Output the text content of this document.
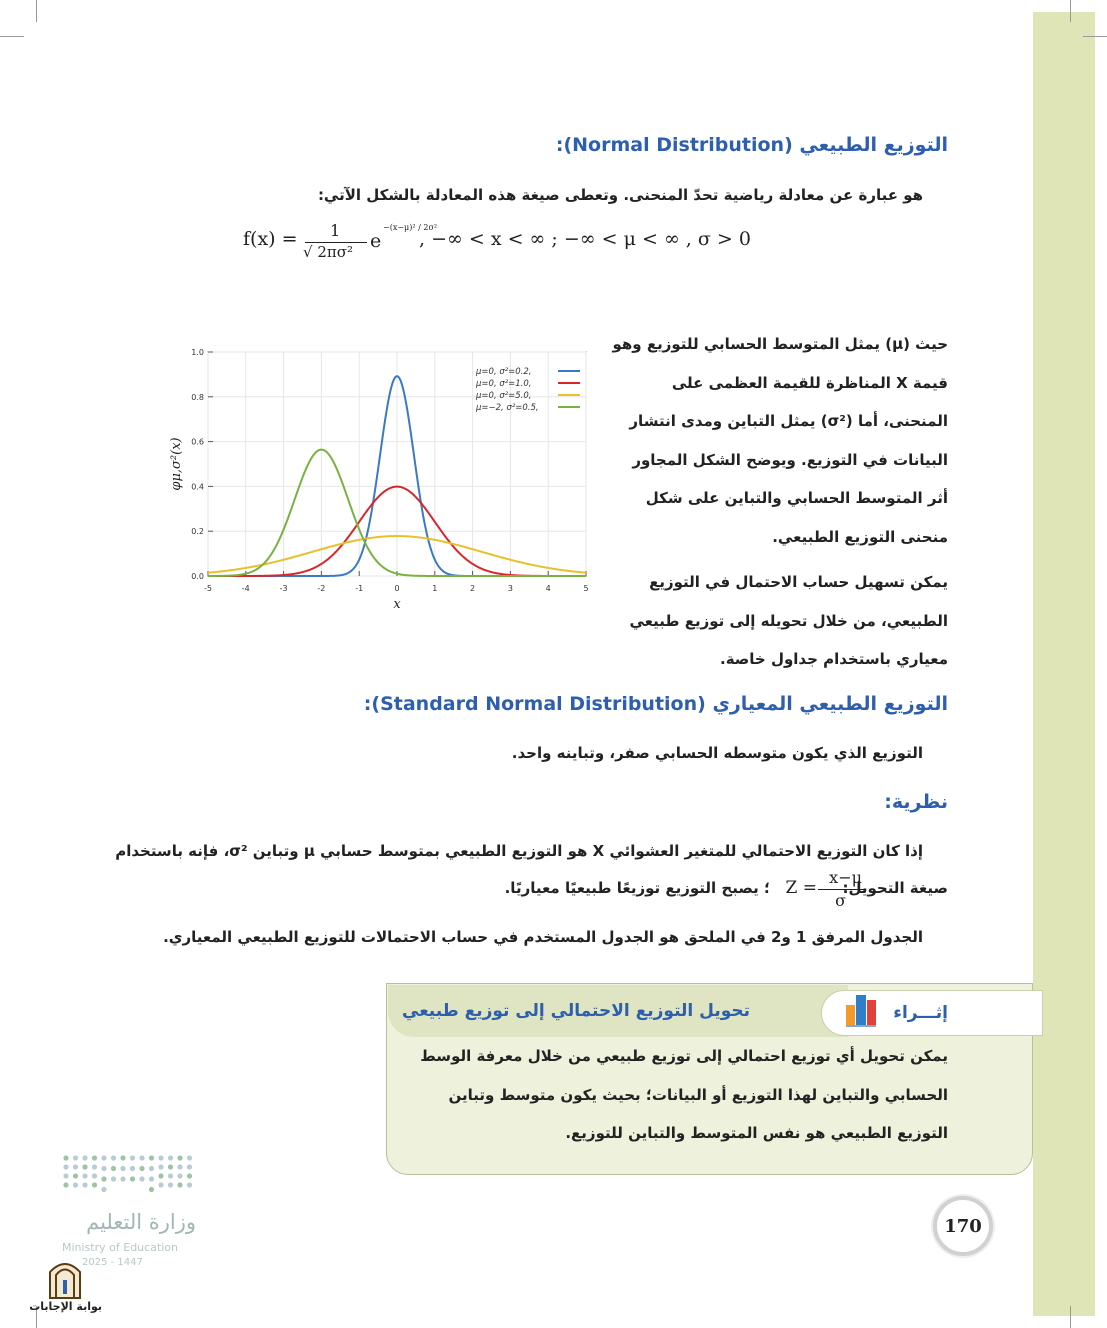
التوزيع الطبيعي (Normal Distribution):
هو عبارة عن معادلة رياضية تحدّ المنحنى. وتعطى صيغة هذه المعادلة بالشكل الآتي:
f(x) = 1
√ 2πσ² e
−(x−μ)² / 2σ²
, −∞ < x < ∞ ; −∞ < μ < ∞ , σ > 0
-5	-4	-3	-2	-1	0	1	2	3	4	5
0.0
0.2
0.4
0.6
0.8
1.0
x
φμ,σ²(x)
μ=0, σ²=0.2,
μ=0, σ²=1.0,
μ=0, σ²=5.0,
μ=−2, σ²=0.5,
حيث (μ) يمثل المتوسط الحسابي للتوزيع وهو قيمة X المناظرة للقيمة العظمى على المنحنى، أما (σ²) يمثل التباين ومدى انتشار البيانات في التوزيع. ويوضح الشكل المجاور أثر المتوسط الحسابي والتباين على شكل منحنى التوزيع الطبيعي.
يمكن تسهيل حساب الاحتمال في التوزيع الطبيعي، من خلال تحويله إلى توزيع طبيعي معياري باستخدام جداول خاصة.
التوزيع الطبيعي المعياري (Standard Normal Distribution):
التوزيع الذي يكون متوسطه الحسابي صفر، وتباينه واحد.
نظرية:
إذا كان التوزيع الاحتمالي للمتغير العشوائي X هو التوزيع الطبيعي بمتوسط حسابي μ وتباين σ²، فإنه باستخدام
صيغة التحويل:
Z =
x−μ
σ
؛ يصبح التوزيع توزيعًا طبيعيًا معياريًا.
الجدول المرفق 1 و2 في الملحق هو الجدول المستخدم في حساب الاحتمالات للتوزيع الطبيعي المعياري.
إثـــراء
تحويل التوزيع الاحتمالي إلى توزيع طبيعي
يمكن تحويل أي توزيع احتمالي إلى توزيع طبيعي من خلال معرفة الوسط الحسابي والتباين لهذا التوزيع أو البيانات؛ بحيث يكون متوسط وتباين التوزيع الطبيعي هو نفس المتوسط والتباين للتوزيع.
170
وزارة التعليم
Ministry of Education
2025 - 1447
بوابة الإجابات
